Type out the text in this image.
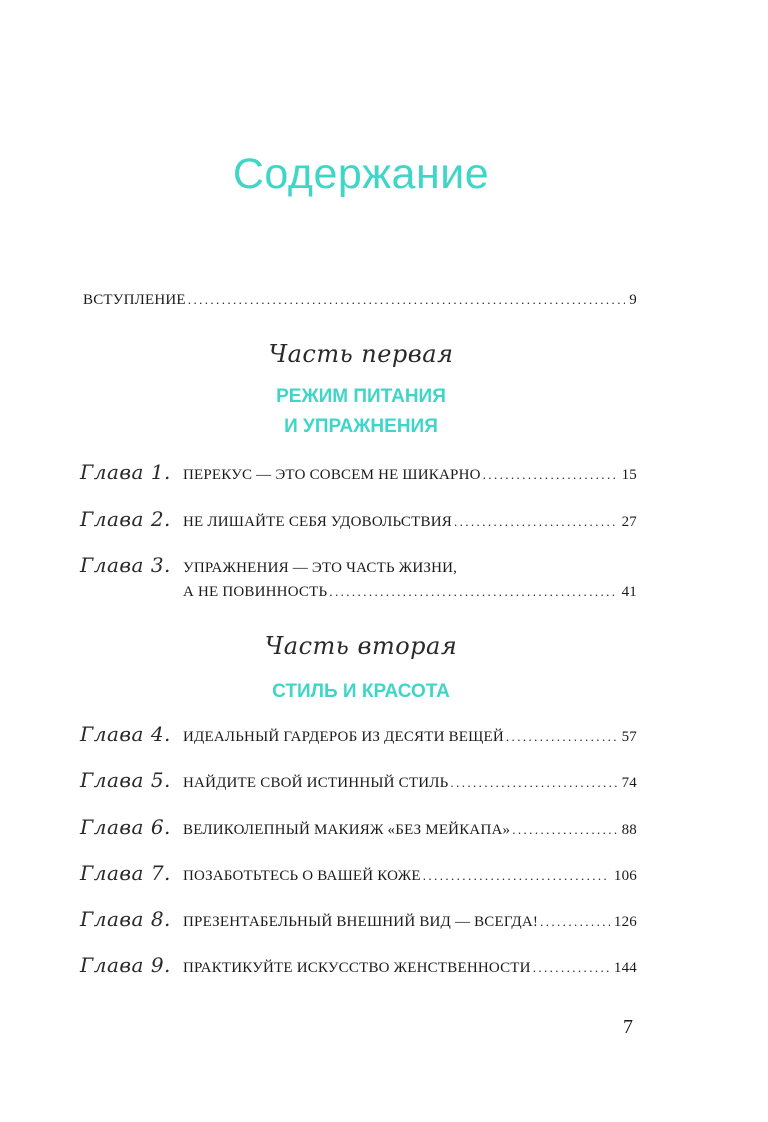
Содержание
ВСТУПЛЕНИЕ .....	9
Часть первая
РЕЖИМ ПИТАНИЯ
И УПРАЖНЕНИЯ
Глава 1. ПЕРЕКУС — ЭТО СОВСЕМ НЕ ШИКАРНО .....	15
Глава 2. НЕ ЛИШАЙТЕ СЕБЯ УДОВОЛЬСТВИЯ .....	27
Глава 3. УПРАЖНЕНИЯ — ЭТО ЧАСТЬ ЖИЗНИ,
А НЕ ПОВИННОСТЬ .....	41
Часть вторая
СТИЛЬ И КРАСОТА
Глава 4. ИДЕАЛЬНЫЙ ГАРДЕРОБ ИЗ ДЕСЯТИ ВЕЩЕЙ .....	57
Глава 5. НАЙДИТЕ СВОЙ ИСТИННЫЙ СТИЛЬ .....	74
Глава 6. ВЕЛИКОЛЕПНЫЙ МАКИЯЖ «БЕЗ МЕЙКАПА» .....	88
Глава 7. ПОЗАБОТЬТЕСЬ О ВАШЕЙ КОЖЕ .....	106
Глава 8. ПРЕЗЕНТАБЕЛЬНЫЙ ВНЕШНИЙ ВИД — ВСЕГДА! .....	126
Глава 9. ПРАКТИКУЙТЕ ИСКУССТВО ЖЕНСТВЕННОСТИ .....	144
7
